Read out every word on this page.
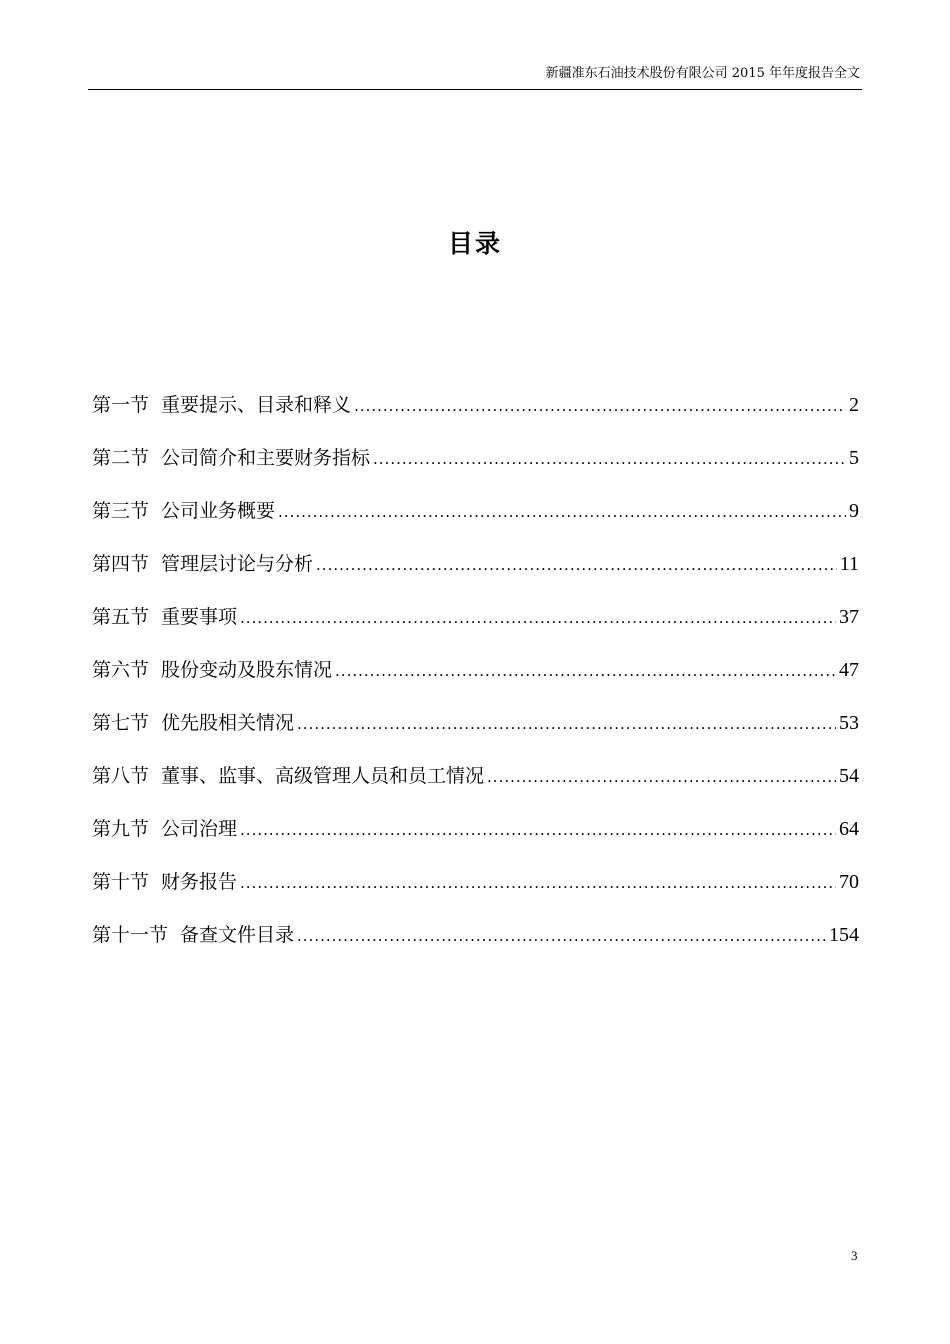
新疆准东石油技术股份有限公司 2015 年年度报告全文
目录
第一节 重要提示、目录和释义 .....	2
第二节 公司简介和主要财务指标 .....	5
第三节 公司业务概要 .....	9
第四节 管理层讨论与分析 .....	11
第五节 重要事项 .....	37
第六节 股份变动及股东情况 .....	47
第七节 优先股相关情况 .....	53
第八节 董事、监事、高级管理人员和员工情况 .....	54
第九节 公司治理 .....	64
第十节 财务报告 .....	70
第十一节 备查文件目录 .....	154
3
